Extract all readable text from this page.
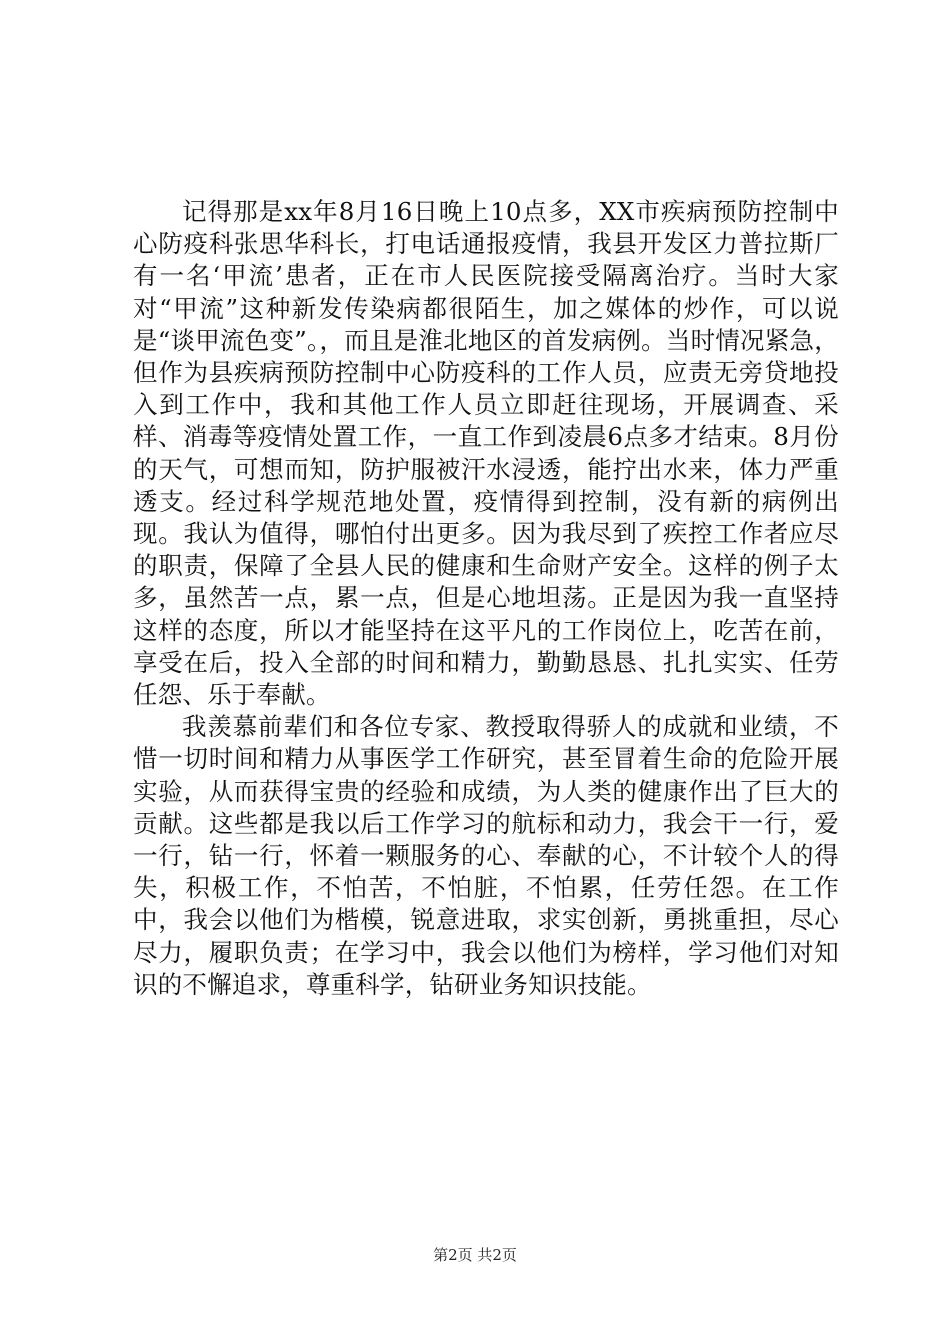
记得那是xx年8月16日晚上10点多，XX市疾病预防控制中心防疫科张思华科长，打电话通报疫情，我县开发区力普拉斯厂有一名‘甲流’患者，正在市人民医院接受隔离治疗。当时大家对“甲流”这种新发传染病都很陌生，加之媒体的炒作，可以说是“谈甲流色变”。，而且是淮北地区的首发病例。当时情况紧急，但作为县疾病预防控制中心防疫科的工作人员，应责无旁贷地投入到工作中，我和其他工作人员立即赶往现场，开展调查、采样、消毒等疫情处置工作，一直工作到凌晨6点多才结束。8月份的天气，可想而知，防护服被汗水浸透，能拧出水来，体力严重透支。经过科学规范地处置，疫情得到控制，没有新的病例出现。我认为值得，哪怕付出更多。因为我尽到了疾控工作者应尽的职责，保障了全县人民的健康和生命财产安全。这样的例子太多，虽然苦一点，累一点，但是心地坦荡。正是因为我一直坚持这样的态度，所以才能坚持在这平凡的工作岗位上，吃苦在前，享受在后，投入全部的时间和精力，勤勤恳恳、扎扎实实、任劳任怨、乐于奉献。

我羡慕前辈们和各位专家、教授取得骄人的成就和业绩，不惜一切时间和精力从事医学工作研究，甚至冒着生命的危险开展实验，从而获得宝贵的经验和成绩，为人类的健康作出了巨大的贡献。这些都是我以后工作学习的航标和动力，我会干一行，爱一行，钻一行，怀着一颗服务的心、奉献的心，不计较个人的得失，积极工作，不怕苦，不怕脏，不怕累，任劳任怨。在工作中，我会以他们为楷模，锐意进取，求实创新，勇挑重担，尽心尽力，履职负责；在学习中，我会以他们为榜样，学习他们对知识的不懈追求，尊重科学，钻研业务知识技能。

第2页 共2页
